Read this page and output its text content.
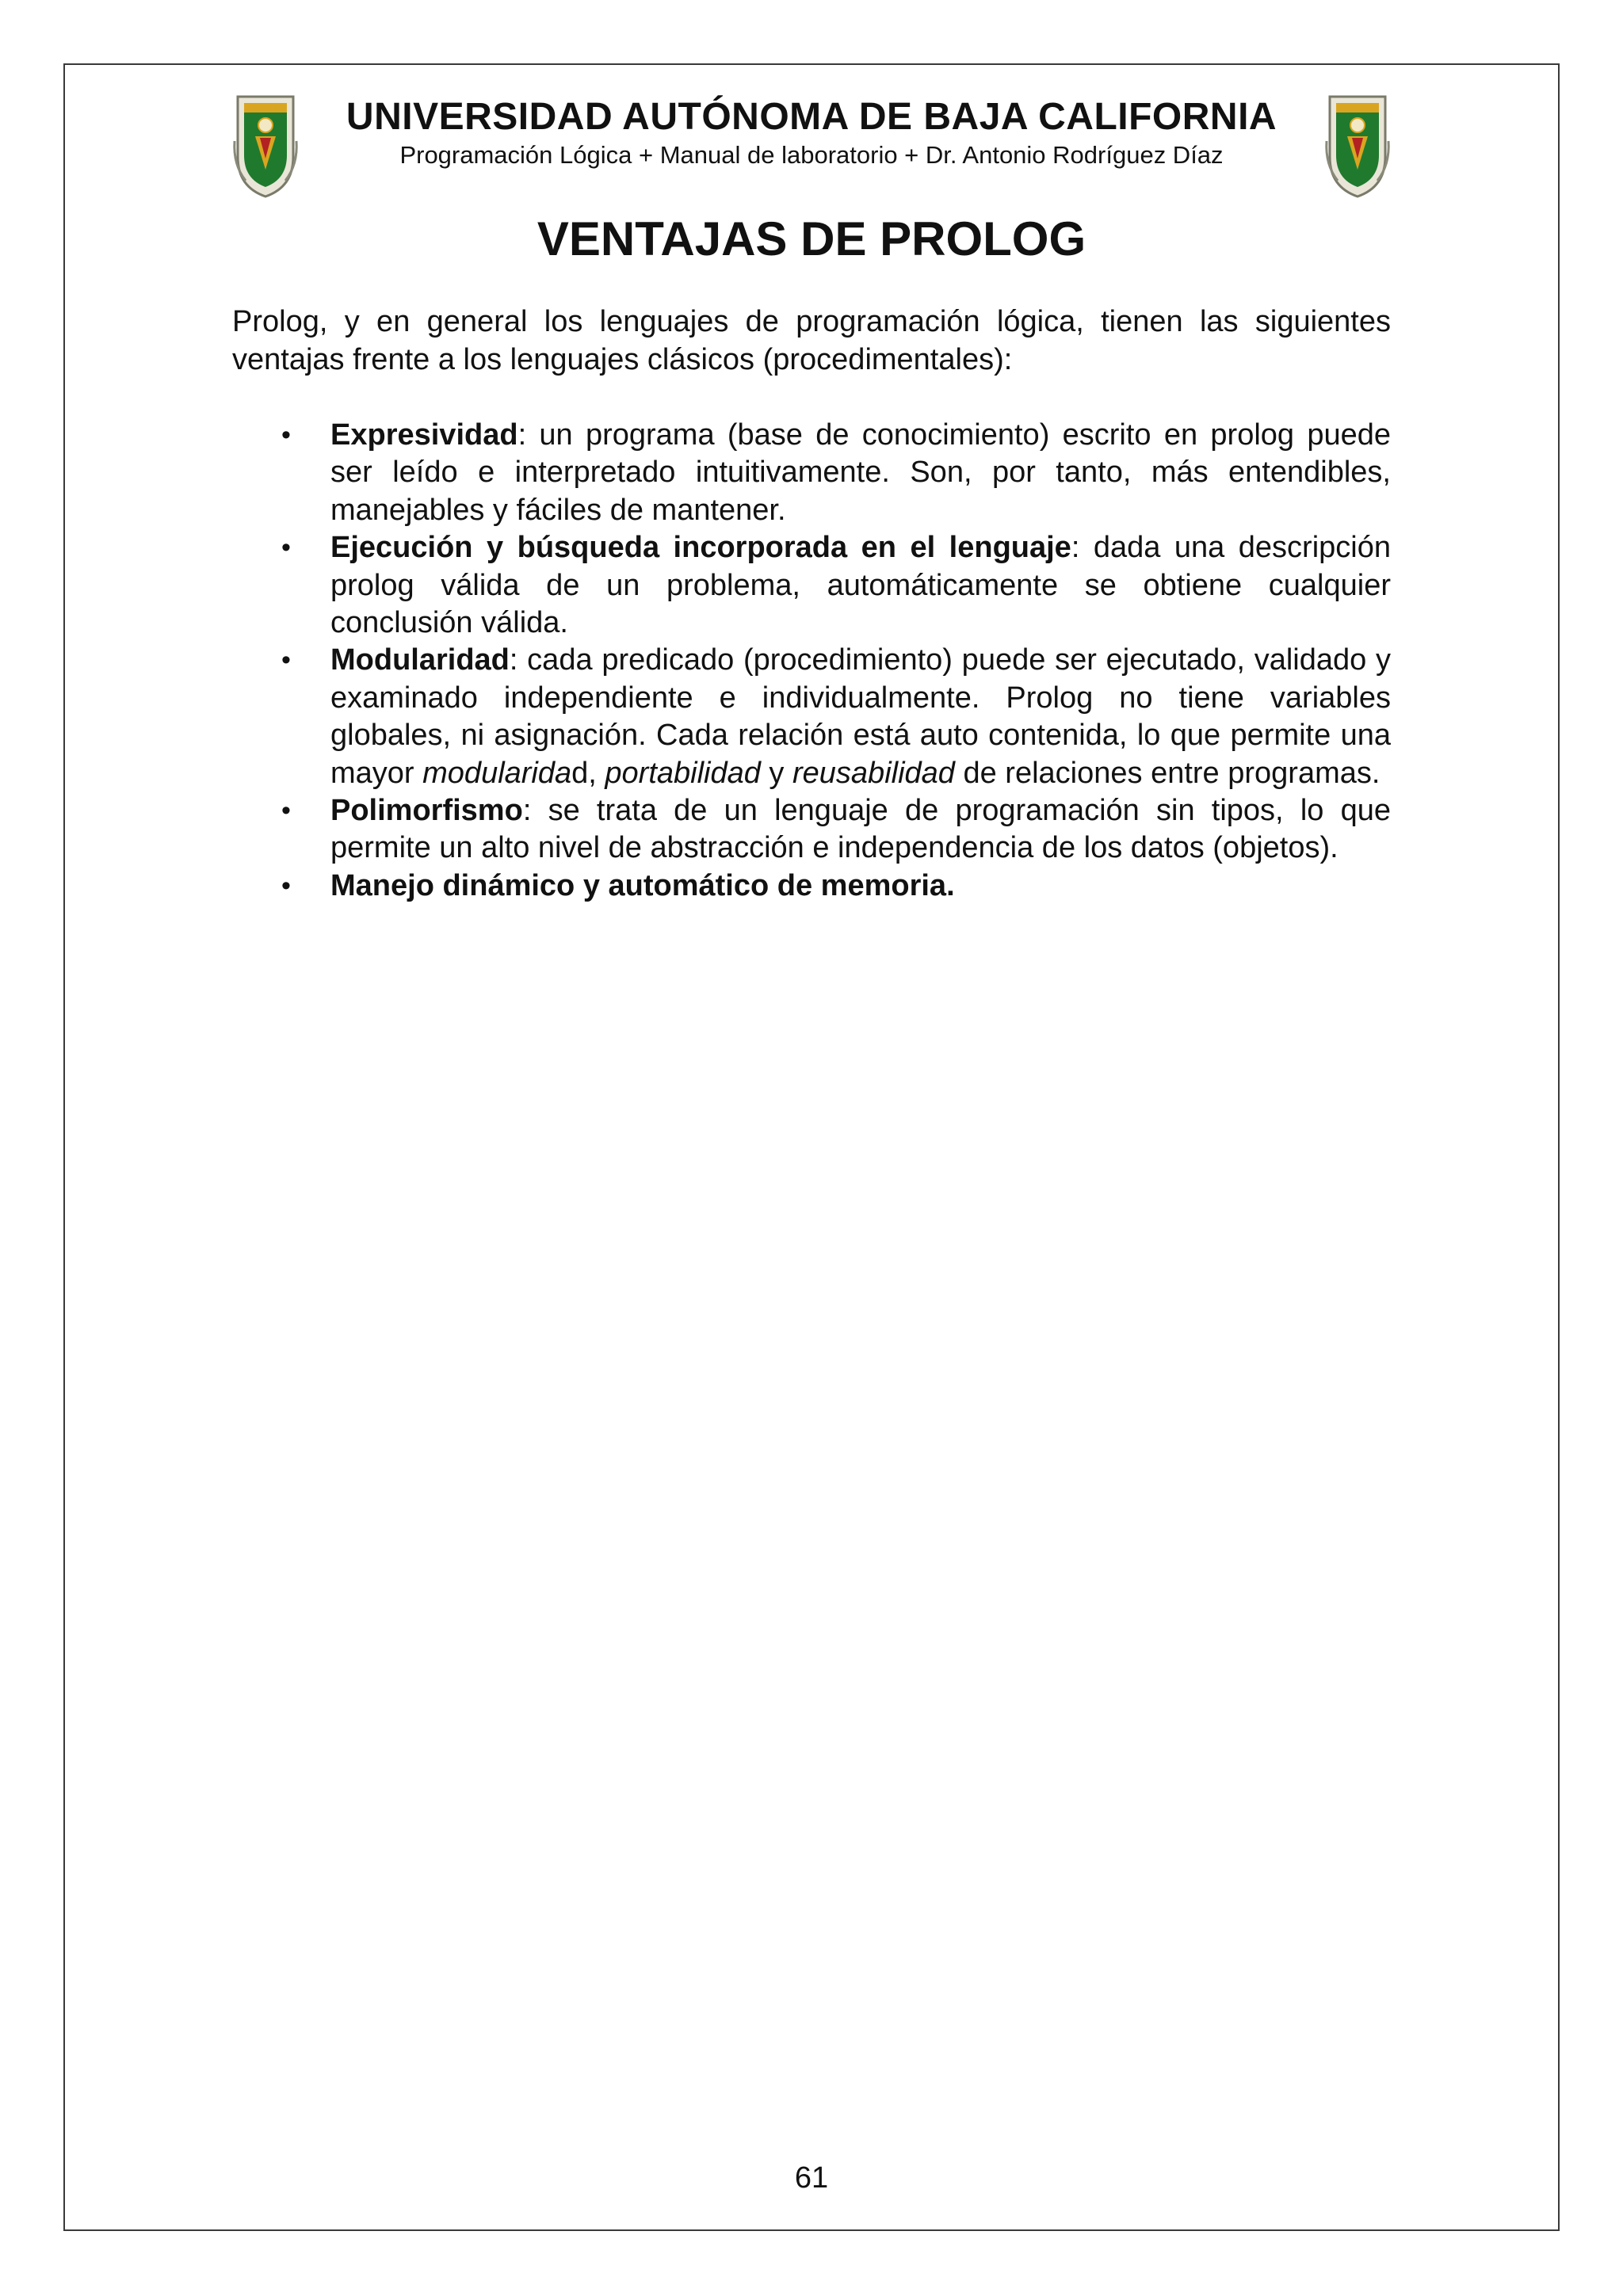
UNIVERSIDAD AUTÓNOMA DE BAJA CALIFORNIA
Programación Lógica + Manual de laboratorio + Dr. Antonio Rodríguez Díaz
VENTAJAS DE PROLOG

Prolog, y en general los lenguajes de programación lógica, tienen las siguientes ventajas frente a los lenguajes clásicos (procedimentales):

• Expresividad: un programa (base de conocimiento) escrito en prolog puede ser leído e interpretado intuitivamente. Son, por tanto, más entendibles, manejables y fáciles de mantener.
• Ejecución y búsqueda incorporada en el lenguaje: dada una descripción prolog válida de un problema, automáticamente se obtiene cualquier conclusión válida.
• Modularidad: cada predicado (procedimiento) puede ser ejecutado, validado y examinado independiente e individualmente. Prolog no tiene variables globales, ni asignación. Cada relación está auto contenida, lo que permite una mayor modularidad, portabilidad y reusabilidad de relaciones entre programas.
• Polimorfismo: se trata de un lenguaje de programación sin tipos, lo que permite un alto nivel de abstracción e independencia de los datos (objetos).
• Manejo dinámico y automático de memoria.
61
